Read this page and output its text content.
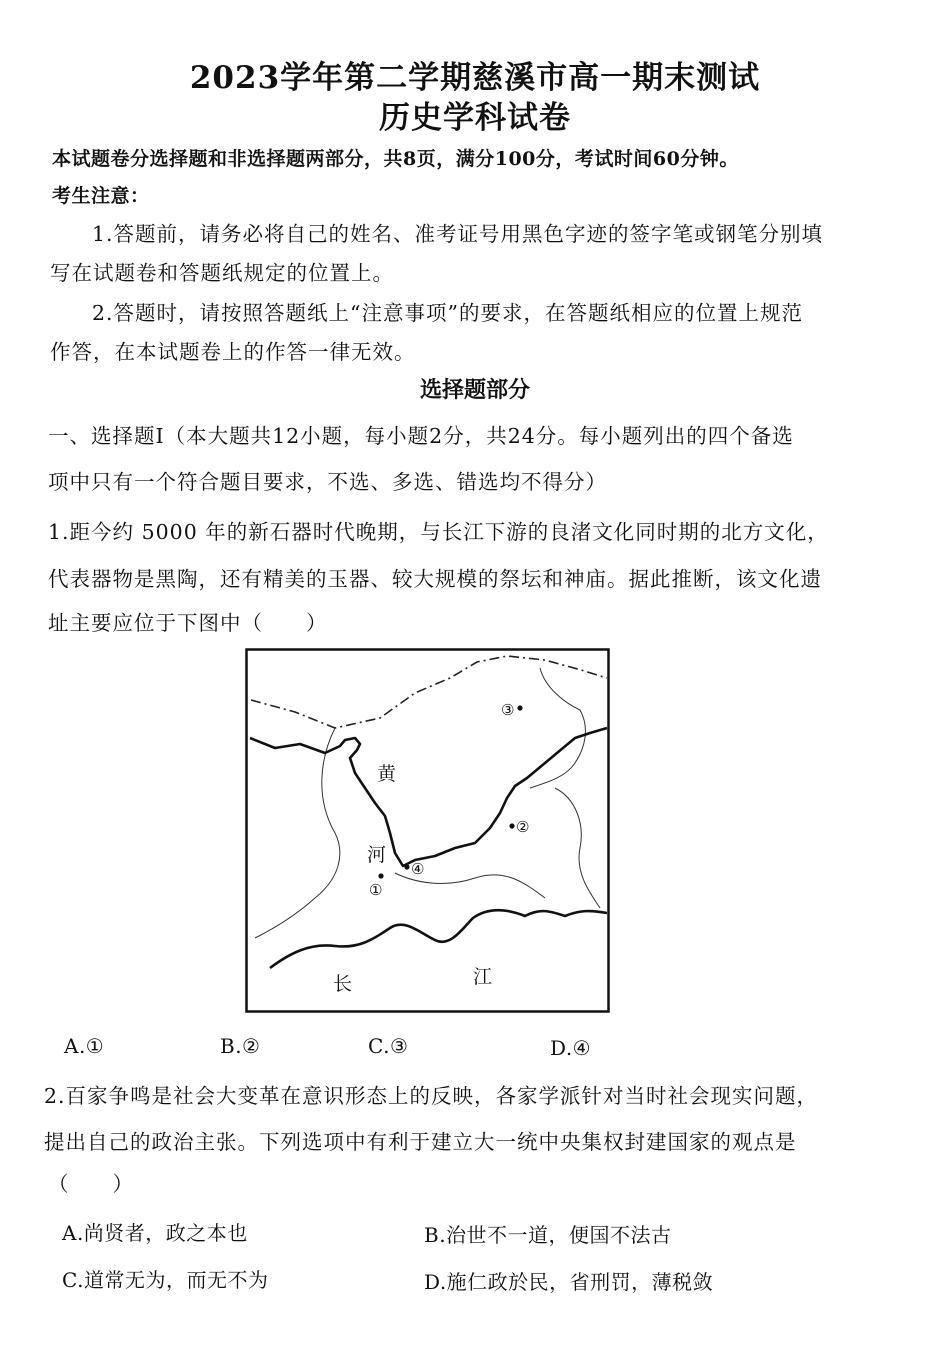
2023学年第二学期慈溪市高一期末测试
历史学科试卷
本试题卷分选择题和非选择题两部分，共8页，满分100分，考试时间60分钟。
考生注意：
1.答题前，请务必将自己的姓名、准考证号用黑色字迹的签字笔或钢笔分别填
写在试题卷和答题纸规定的位置上。
2.答题时，请按照答题纸上“注意事项”的要求，在答题纸相应的位置上规范
作答，在本试题卷上的作答一律无效。
选择题部分
一、选择题Ⅰ（本大题共12小题，每小题2分，共24分。每小题列出的四个备选
项中只有一个符合题目要求，不选、多选、错选均不得分）
1.距今约 5000 年的新石器时代晚期，与长江下游的良渚文化同时期的北方文化，
代表器物是黑陶，还有精美的玉器、较大规模的祭坛和神庙。据此推断，该文化遗
址主要应位于下图中（　　）
黄
河
长	江
①
②
③
④
A.①	B.②	C.③	D.④
2.百家争鸣是社会大变革在意识形态上的反映，各家学派针对当时社会现实问题，
提出自己的政治主张。下列选项中有利于建立大一统中央集权封建国家的观点是
（　　）
A.尚贤者，政之本也	B.治世不一道，便国不法古
C.道常无为，而无不为	D.施仁政於民，省刑罚，薄税敛
